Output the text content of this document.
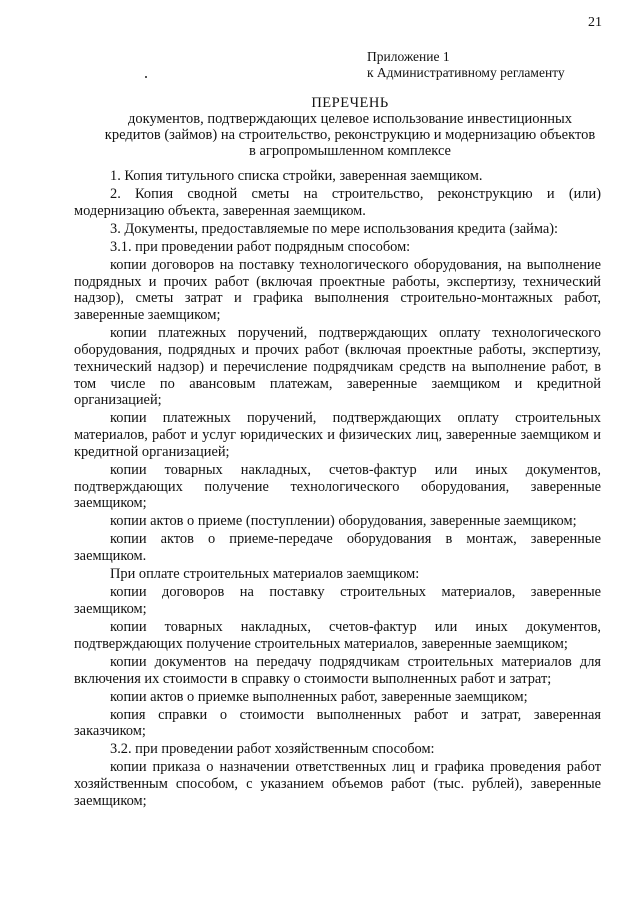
21
Приложение 1
к Административному регламенту
ПЕРЕЧЕНЬ
документов, подтверждающих целевое использование инвестиционных
кредитов (займов) на строительство, реконструкцию и модернизацию объектов
в агропромышленном комплексе

1. Копия титульного списка стройки, заверенная заемщиком.

2. Копия сводной сметы на строительство, реконструкцию и (или) модернизацию объекта, заверенная заемщиком.

3. Документы, предоставляемые по мере использования кредита (займа):

3.1. при проведении работ подрядным способом:

копии договоров на поставку технологического оборудования, на выполнение подрядных и прочих работ (включая проектные работы, экспертизу, технический надзор), сметы затрат и графика выполнения строительно-монтажных работ, заверенные заемщиком;

копии платежных поручений, подтверждающих оплату технологического оборудования, подрядных и прочих работ (включая проектные работы, экспертизу, технический надзор) и перечисление подрядчикам средств на выполнение работ, в том числе по авансовым платежам, заверенные заемщиком и кредитной организацией;

копии платежных поручений, подтверждающих оплату строительных материалов, работ и услуг юридических и физических лиц, заверенные заемщиком и кредитной организацией;

копии товарных накладных, счетов-фактур или иных документов, подтверждающих получение технологического оборудования, заверенные заемщиком;

копии актов о приеме (поступлении) оборудования, заверенные заемщиком;

копии актов о приеме-передаче оборудования в монтаж, заверенные заемщиком.

При оплате строительных материалов заемщиком:

копии договоров на поставку строительных материалов, заверенные заемщиком;

копии товарных накладных, счетов-фактур или иных документов, подтверждающих получение строительных материалов, заверенные заемщиком;

копии документов на передачу подрядчикам строительных материалов для включения их стоимости в справку о стоимости выполненных работ и затрат;

копии актов о приемке выполненных работ, заверенные заемщиком;

копия справки о стоимости выполненных работ и затрат, заверенная заказчиком;

3.2. при проведении работ хозяйственным способом:

копии приказа о назначении ответственных лиц и графика проведения работ хозяйственным способом, с указанием объемов работ (тыс. рублей), заверенные заемщиком;
